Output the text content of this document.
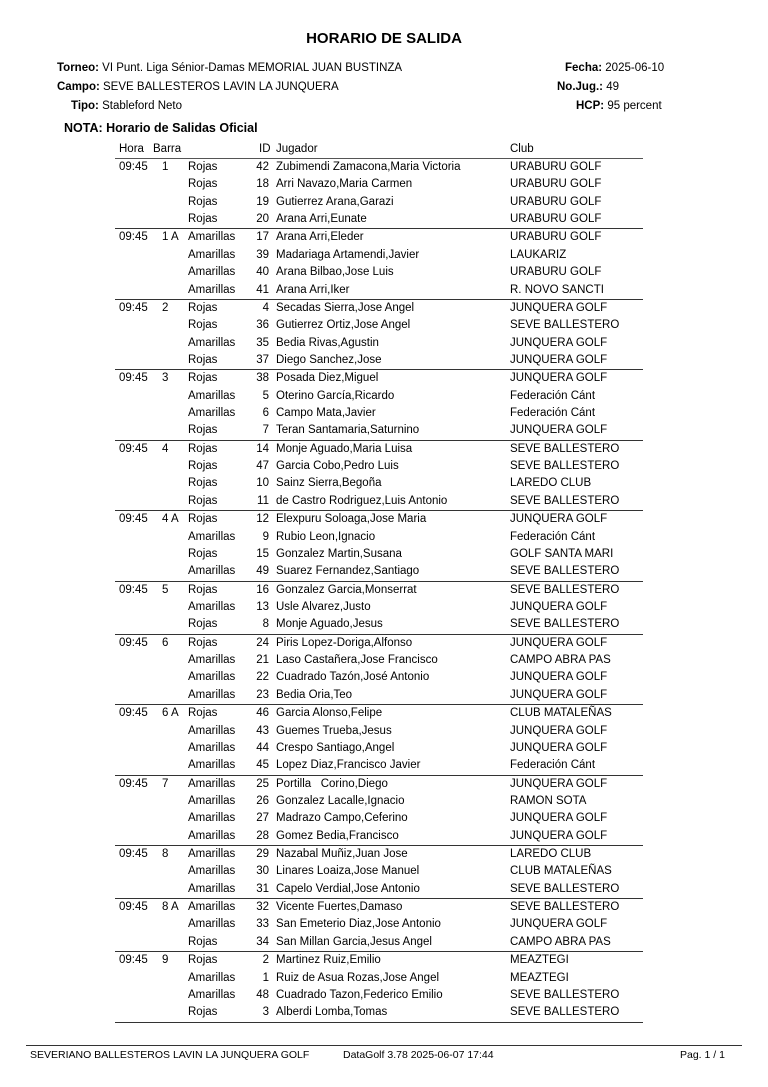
HORARIO DE SALIDA
Torneo: VI Punt. Liga Sénior-Damas MEMORIAL JUAN BUSTINZA
Campo: SEVE BALLESTEROS LAVIN LA JUNQUERA
Tipo: Stableford Neto
Fecha: 2025-06-10
No.Jug.: 49
HCP: 95 percent
NOTA: Horario de Salidas Oficial
Hora Barra	ID Jugador	Club
09:45 1 Rojas	42 Zubimendi Zamacona,Maria Victoria	URABURU GOLF
Rojas	18 Arri Navazo,Maria Carmen	URABURU GOLF
Rojas	19 Gutierrez Arana,Garazi	URABURU GOLF
Rojas	20 Arana Arri,Eunate	URABURU GOLF
09:45 1 A Amarillas	17 Arana Arri,Eleder	URABURU GOLF
Amarillas	39 Madariaga Artamendi,Javier	LAUKARIZ
Amarillas	40 Arana Bilbao,Jose Luis	URABURU GOLF
Amarillas	41 Arana Arri,Iker	R. NOVO SANCTI
09:45 2 Rojas	4 Secadas Sierra,Jose Angel	JUNQUERA GOLF
Rojas	36 Gutierrez Ortiz,Jose Angel	SEVE BALLESTERO
Amarillas	35 Bedia Rivas,Agustin	JUNQUERA GOLF
Rojas	37 Diego Sanchez,Jose	JUNQUERA GOLF
09:45 3 Rojas	38 Posada Diez,Miguel	JUNQUERA GOLF
Amarillas	5 Oterino García,Ricardo	Federación Cánt
Amarillas	6 Campo Mata,Javier	Federación Cánt
Rojas	7 Teran Santamaria,Saturnino	JUNQUERA GOLF
09:45 4 Rojas	14 Monje Aguado,Maria Luisa	SEVE BALLESTERO
Rojas	47 Garcia Cobo,Pedro Luis	SEVE BALLESTERO
Rojas	10 Sainz Sierra,Begoña	LAREDO CLUB
Rojas	11 de Castro Rodriguez,Luis Antonio	SEVE BALLESTERO
09:45 4 A Rojas	12 Elexpuru Soloaga,Jose Maria	JUNQUERA GOLF
Amarillas	9 Rubio Leon,Ignacio	Federación Cánt
Rojas	15 Gonzalez Martin,Susana	GOLF SANTA MARI
Amarillas	49 Suarez Fernandez,Santiago	SEVE BALLESTERO
09:45 5 Rojas	16 Gonzalez Garcia,Monserrat	SEVE BALLESTERO
Amarillas	13 Usle Alvarez,Justo	JUNQUERA GOLF
Rojas	8 Monje Aguado,Jesus	SEVE BALLESTERO
09:45 6 Rojas	24 Piris Lopez-Doriga,Alfonso	JUNQUERA GOLF
Amarillas	21 Laso Castañera,Jose Francisco	CAMPO ABRA PAS
Amarillas	22 Cuadrado Tazón,José Antonio	JUNQUERA GOLF
Amarillas	23 Bedia Oria,Teo	JUNQUERA GOLF
09:45 6 A Rojas	46 Garcia Alonso,Felipe	CLUB MATALEÑAS
Amarillas	43 Guemes Trueba,Jesus	JUNQUERA GOLF
Amarillas	44 Crespo Santiago,Angel	JUNQUERA GOLF
Amarillas	45 Lopez Diaz,Francisco Javier	Federación Cánt
09:45 7 Amarillas	25 Portilla   Corino,Diego	JUNQUERA GOLF
Amarillas	26 Gonzalez Lacalle,Ignacio	RAMON SOTA
Amarillas	27 Madrazo Campo,Ceferino	JUNQUERA GOLF
Amarillas	28 Gomez Bedia,Francisco	JUNQUERA GOLF
09:45 8 Amarillas	29 Nazabal Muñiz,Juan Jose	LAREDO CLUB
Amarillas	30 Linares Loaiza,Jose Manuel	CLUB MATALEÑAS
Amarillas	31 Capelo Verdial,Jose Antonio	SEVE BALLESTERO
09:45 8 A Amarillas	32 Vicente Fuertes,Damaso	SEVE BALLESTERO
Amarillas	33 San Emeterio Diaz,Jose Antonio	JUNQUERA GOLF
Rojas	34 San Millan Garcia,Jesus Angel	CAMPO ABRA PAS
09:45 9 Rojas	2 Martinez Ruiz,Emilio	MEAZTEGI
Amarillas	1 Ruiz de Asua Rozas,Jose Angel	MEAZTEGI
Amarillas	48 Cuadrado Tazon,Federico Emilio	SEVE BALLESTERO
Rojas	3 Alberdi Lomba,Tomas	SEVE BALLESTERO
SEVERIANO BALLESTEROS LAVIN LA JUNQUERA GOLF	DataGolf 3.78 2025-06-07 17:44	Pag. 1 / 1
